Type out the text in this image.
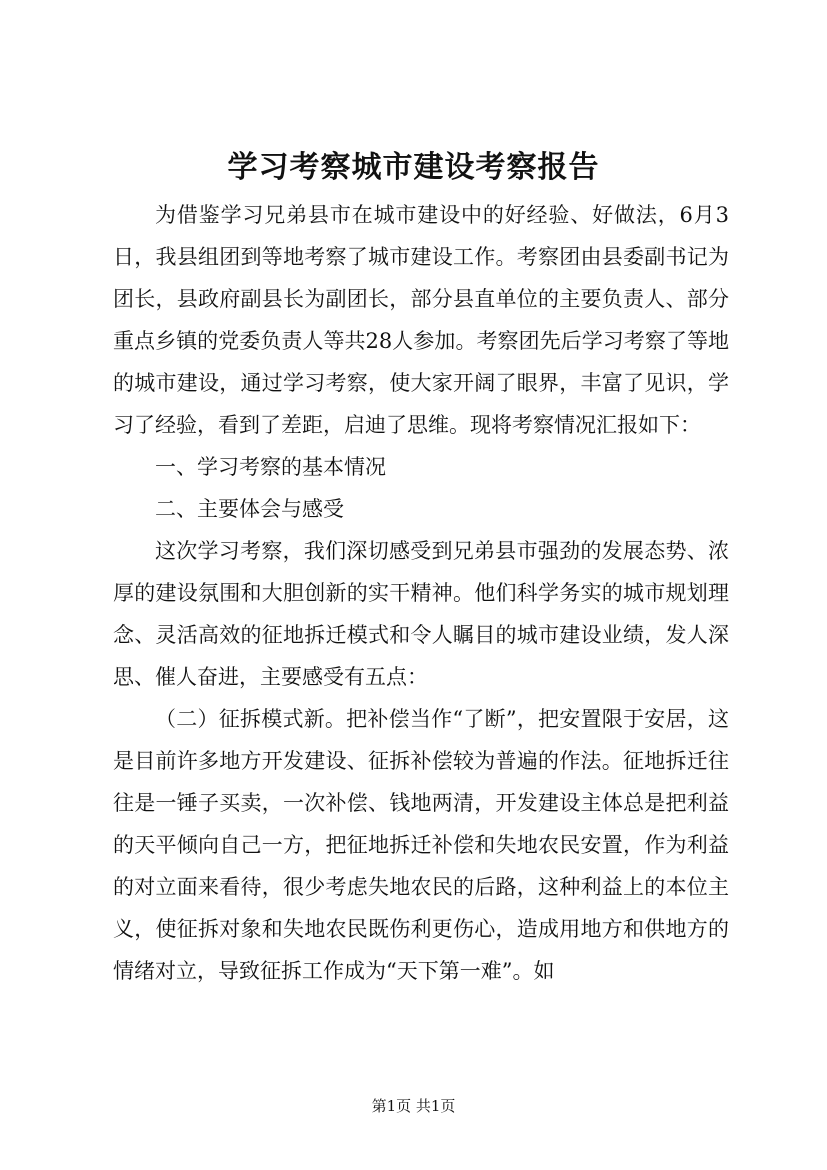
学习考察城市建设考察报告

为借鉴学习兄弟县市在城市建设中的好经验、好做法，6月3日，我县组团到等地考察了城市建设工作。考察团由县委副书记为团长，县政府副县长为副团长，部分县直单位的主要负责人、部分重点乡镇的党委负责人等共28人参加。考察团先后学习考察了等地的城市建设，通过学习考察，使大家开阔了眼界，丰富了见识，学习了经验，看到了差距，启迪了思维。现将考察情况汇报如下：

一、学习考察的基本情况

二、主要体会与感受

这次学习考察，我们深切感受到兄弟县市强劲的发展态势、浓厚的建设氛围和大胆创新的实干精神。他们科学务实的城市规划理念、灵活高效的征地拆迁模式和令人瞩目的城市建设业绩，发人深思、催人奋进，主要感受有五点：

（二）征拆模式新。把补偿当作“了断”，把安置限于安居，这是目前许多地方开发建设、征拆补偿较为普遍的作法。征地拆迁往往是一锤子买卖，一次补偿、钱地两清，开发建设主体总是把利益的天平倾向自己一方，把征地拆迁补偿和失地农民安置，作为利益的对立面来看待，很少考虑失地农民的后路，这种利益上的本位主义，使征拆对象和失地农民既伤利更伤心，造成用地方和供地方的情绪对立，导致征拆工作成为“天下第一难”。如

第1页 共1页
